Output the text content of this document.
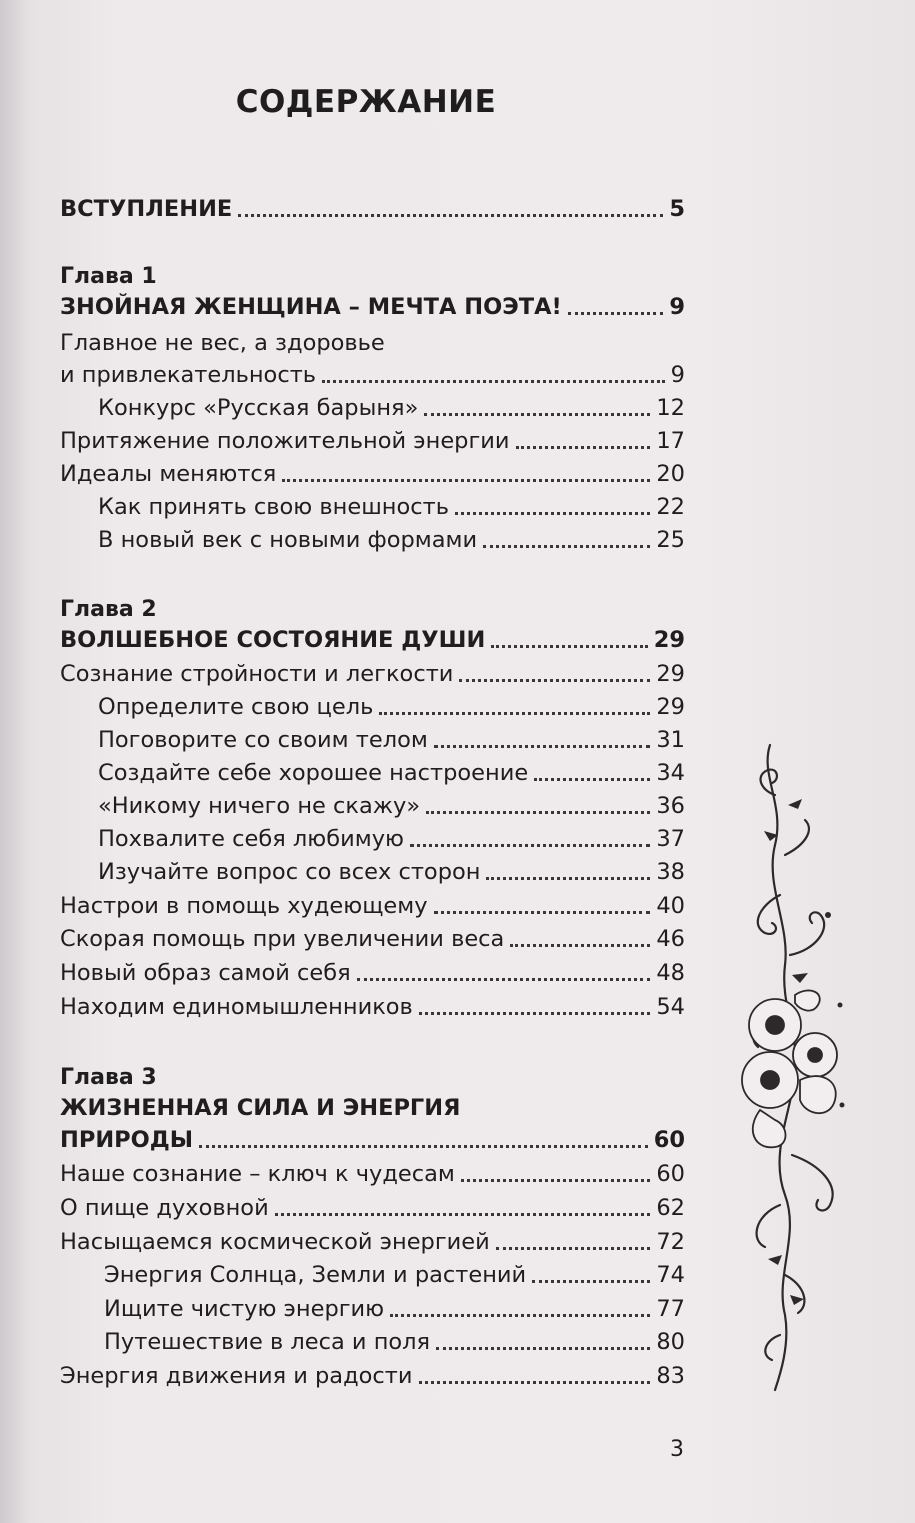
СОДЕРЖАНИЕ
ВСТУПЛЕНИЕ	5
Глава 1
ЗНОЙНАЯ ЖЕНЩИНА – МЕЧТА ПОЭТА!	9
Главное не вес, а здоровье
и привлекательность	9
Конкурс «Русская барыня»	12
Притяжение положительной энергии	17
Идеалы меняются	20
Как принять свою внешность	22
В новый век с новыми формами	25
Глава 2
ВОЛШЕБНОЕ СОСТОЯНИЕ ДУШИ	29
Сознание стройности и легкости	29
Определите свою цель	29
Поговорите со своим телом	31
Создайте себе хорошее настроение	34
«Никому ничего не скажу»	36
Похвалите себя любимую	37
Изучайте вопрос со всех сторон	38
Настрои в помощь худеющему	40
Скорая помощь при увеличении веса	46
Новый образ самой себя	48
Находим единомышленников	54
Глава 3
ЖИЗНЕННАЯ СИЛА И ЭНЕРГИЯ
ПРИРОДЫ	60
Наше сознание – ключ к чудесам	60
О пище духовной	62
Насыщаемся космической энергией	72
Энергия Солнца, Земли и растений	74
Ищите чистую энергию	77
Путешествие в леса и поля	80
Энергия движения и радости	83
3
